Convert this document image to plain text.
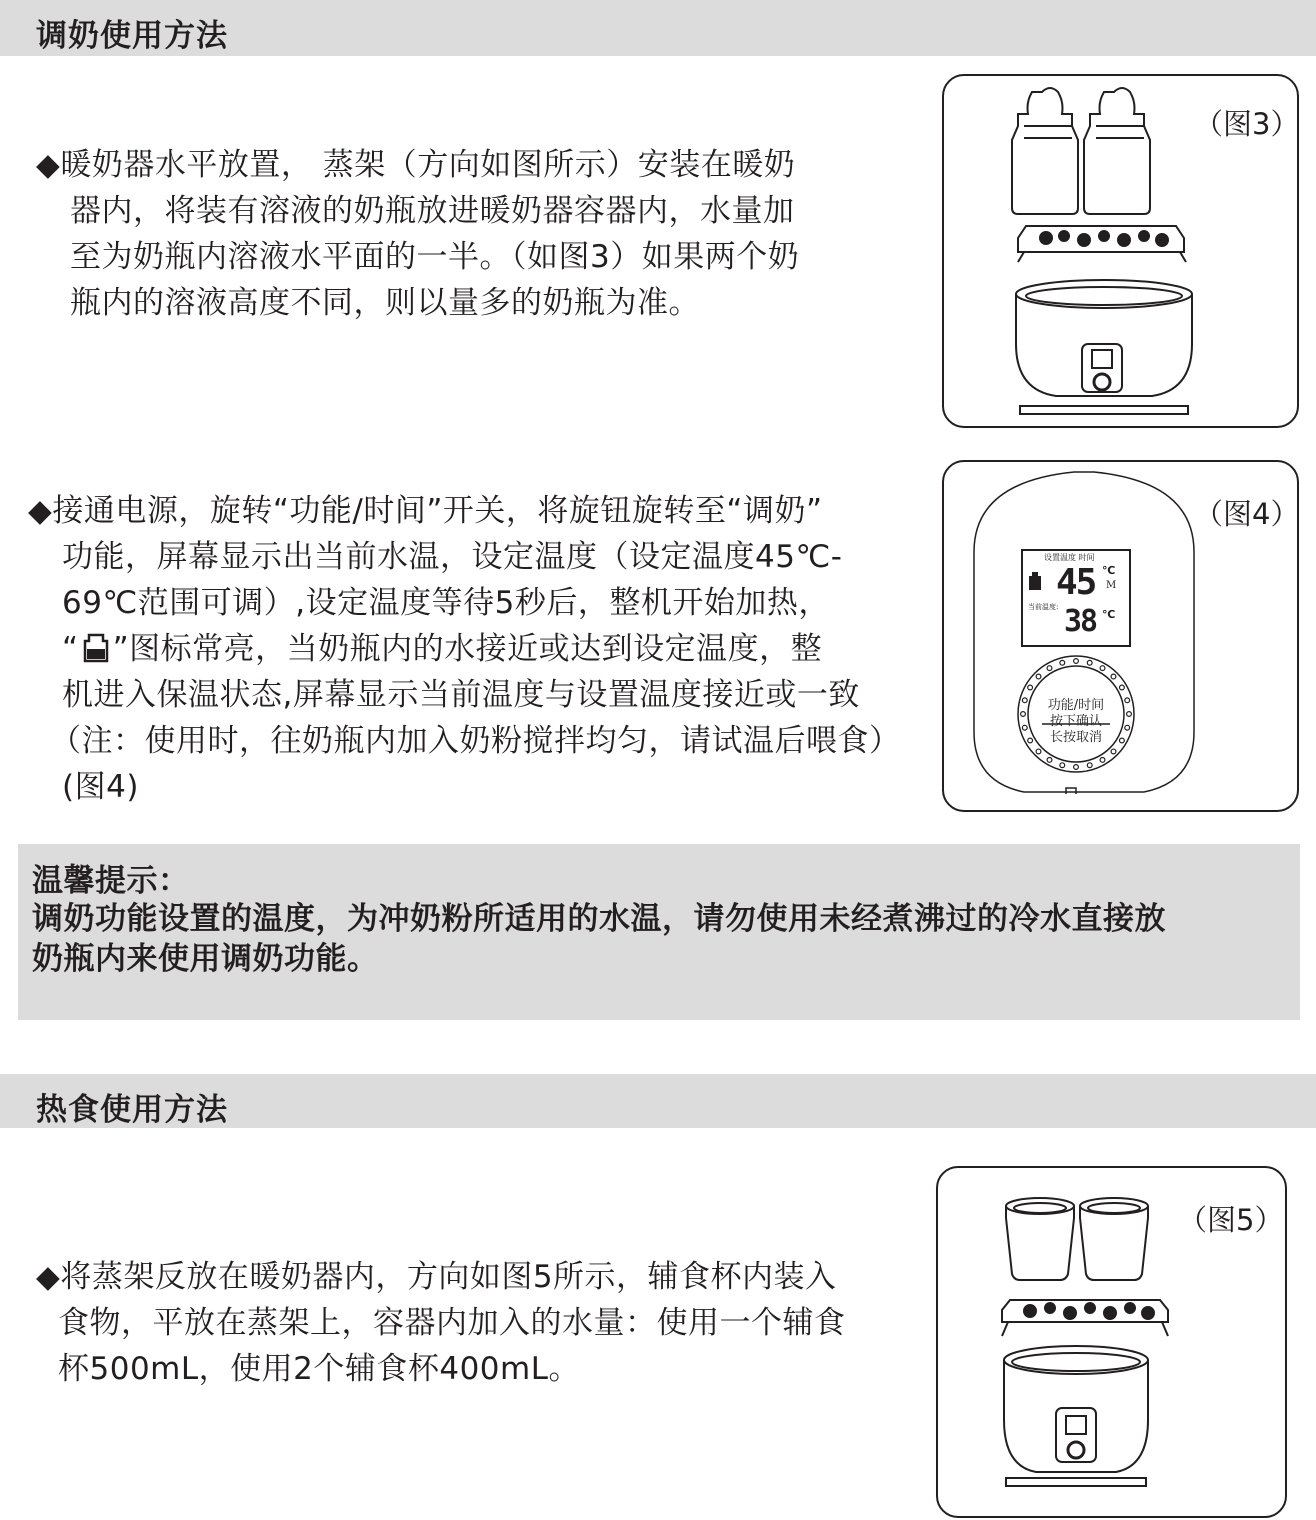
调奶使用方法
◆暖奶器水平放置， 蒸架（方向如图所示）安装在暖奶
器内，将装有溶液的奶瓶放进暖奶器容器内，水量加
至为奶瓶内溶液水平面的一半。（如图3）如果两个奶
瓶内的溶液高度不同，则以量多的奶瓶为准。
（图3）
◆接通电源，旋转“功能/时间”开关，将旋钮旋转至“调奶”
功能，屏幕显示出当前水温，设定温度（设定温度45℃-
69℃范围可调）,设定温度等待5秒后，整机开始加热，
“ ”图标常亮，当奶瓶内的水接近或达到设定温度，整
机进入保温状态,屏幕显示当前温度与设置温度接近或一致
（注：使用时，往奶瓶内加入奶粉搅拌均匀，请试温后喂食）
(图4)
（图4）
设置温度 时间
45 ℃
M
当前温度: 38 ℃
功能/时间
按下确认
长按取消

温馨提示：

调奶功能设置的温度，为冲奶粉所适用的水温，请勿使用未经煮沸过的冷水直接放

奶瓶内来使用调奶功能。

热食使用方法
◆将蒸架反放在暖奶器内，方向如图5所示，辅食杯内装入
食物，平放在蒸架上，容器内加入的水量：使用一个辅食
杯500mL，使用2个辅食杯400mL。
（图5）
